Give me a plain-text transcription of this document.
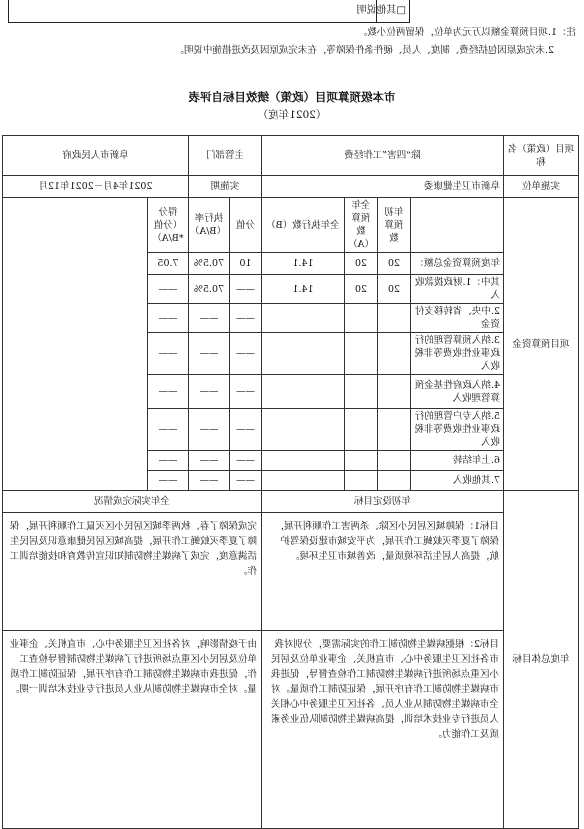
□其他说明
注：1.项目预算金额以万元为单位，保留两位小数。
2.未完成原因包括经费、制度、人员、硬件条件保障等，在未完成原因及改进措施中说明。
市本级预算项目（政策）绩效目标自评表
（2021年度）
项目（政策）名称	除“四害”工作经费				主管部门		阜新市人民政府	
实施单位	阜新市卫生健康委				实施期		2021年4月－2021年12月	
项目预算资金		年初预算数	全年预算数（A）	全年执行数（B）	分值	执行率（B/A）	得分（分值*B/A）	
	年度预算资金总额：	20	20	14.1	10	70.5%	7.05	
	其中：1.财政拨款收入	20	20	14.1	——	70.5%	——	
	2.中央、省转移支付资金				——	——	——	
	3.纳入预算管理的行政事业性收费等非税收入				——	——	——	
	4.纳入政府性基金预算管理收入				——	——	——	
	5.纳入专户管理的行政事业性收费等非税收入				——	——	——	
	6.上年结转				——	——	——	
	7.其他收入				——	——	——	
年度总体目标	年初设定目标				全年实际完成情况			
	目标1：保障城区居民小区除、杀两害工作顺利开展，保障了夏季灭蚊蝇工作开展，为平安城市建设保驾护航，提高人居生活环境质量，改善城市卫生环境。				完成保障了春、秋两季城区居民小区灭鼠工作顺利开展，保障了夏季灭蚊蝇工作开展，提高城区居民健康意识及居民生活满意度，完成了病媒生物防制知识宣传教育和技能培训工作。			
	目标2：根据病媒生物防制工作的实际需要，分别对我市各社区卫生服务中心、市直机关、企事业单位及居民小区重点场所进行病媒生物防制工作检查督导，促进我市病媒生物防制工作有序开展，保证防制工作质量。对全市病媒生物防制从业人员、各社区卫生服务中心相关人员进行专业技术培训，提高病媒生物防制队伍业务素质及工作能力。				由于疫情影响，对各社区卫生服务中心、市直机关、企事业单位及居民小区重点场所进行了病媒生物防制督导检查工作，促进我市病媒生物防制工作有序开展，保证防制工作质量。对全市病媒生物防制从业人员进行专业技术培训一期。			
